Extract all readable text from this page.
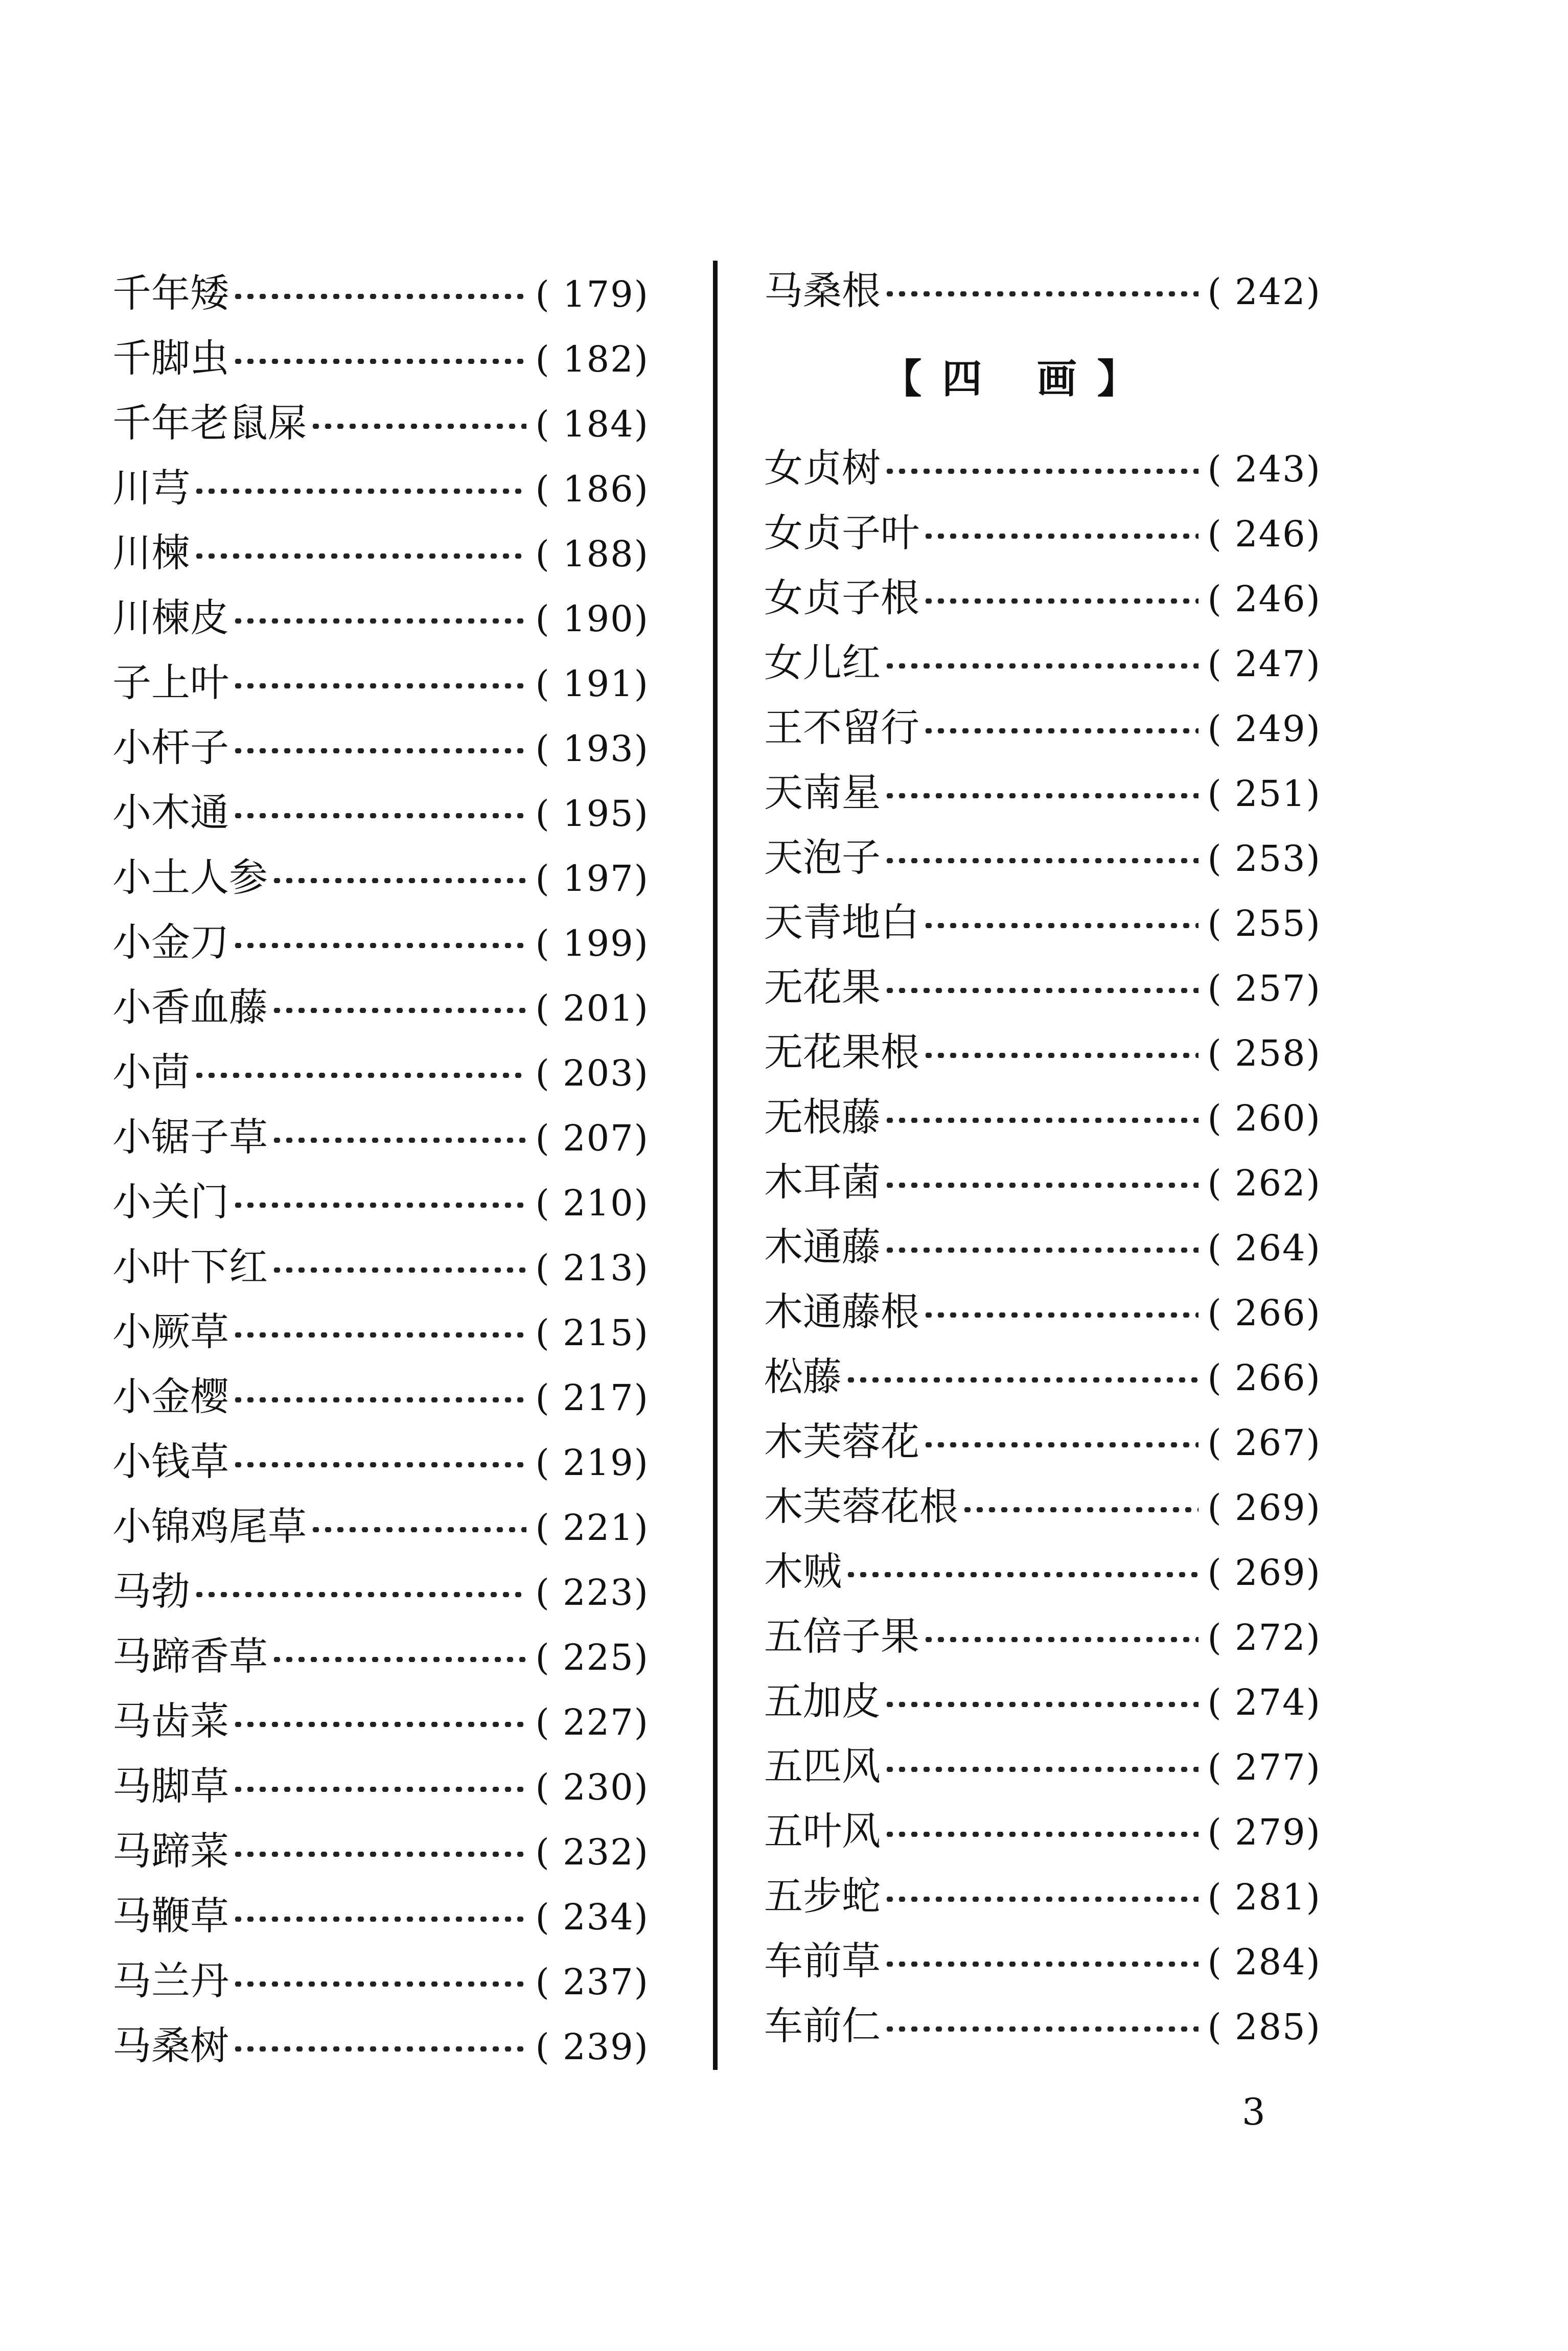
千年矮	( 179)
千脚虫	( 182)
千年老鼠屎	( 184)
川芎	( 186)
川楝	( 188)
川楝皮	( 190)
子上叶	( 191)
小杆子	( 193)
小木通	( 195)
小土人参	( 197)
小金刀	( 199)
小香血藤	( 201)
小茴	( 203)
小锯子草	( 207)
小关门	( 210)
小叶下红	( 213)
小厥草	( 215)
小金樱	( 217)
小钱草	( 219)
小锦鸡尾草	( 221)
马勃	( 223)
马蹄香草	( 225)
马齿菜	( 227)
马脚草	( 230)
马蹄菜	( 232)
马鞭草	( 234)
马兰丹	( 237)
马桑树	( 239)
马桑根	( 242)
【四 画】
女贞树	( 243)
女贞子叶	( 246)
女贞子根	( 246)
女儿红	( 247)
王不留行	( 249)
天南星	( 251)
天泡子	( 253)
天青地白	( 255)
无花果	( 257)
无花果根	( 258)
无根藤	( 260)
木耳菌	( 262)
木通藤	( 264)
木通藤根	( 266)
松藤	( 266)
木芙蓉花	( 267)
木芙蓉花根	( 269)
木贼	( 269)
五倍子果	( 272)
五加皮	( 274)
五匹风	( 277)
五叶风	( 279)
五步蛇	( 281)
车前草	( 284)
车前仁	( 285)
3
